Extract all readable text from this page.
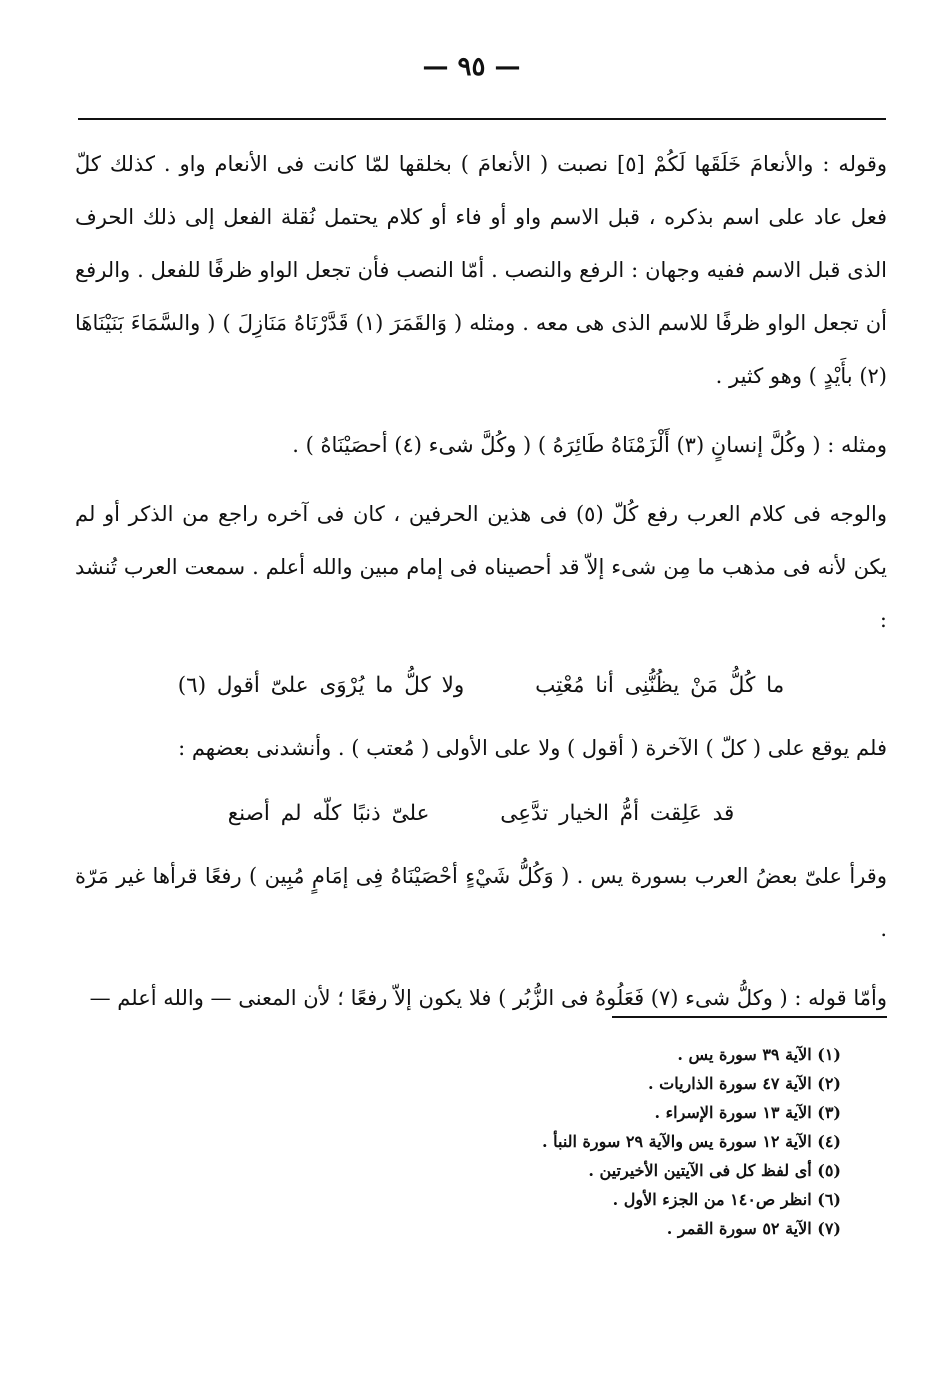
— ٩٥ —

وقوله : والأنعامَ خَلَقَها لَكُمْ [٥] نصبت ( الأنعامَ ) بخلقها لمّا كانت فى الأنعام واو . كذلك كلّ فعل عاد على اسم بذكره ، قبل الاسم واو أو فاء أو كلام يحتمل نُقلة الفعل إلى ذلك الحرف الذى قبل الاسم ففيه وجهان : الرفع والنصب . أمّا النصب فأن تجعل الواو ظرفًا للفعل . والرفع أن تجعل الواو ظرفًا للاسم الذى هى معه . ومثله ( وَالقَمَرَ (١) قَدَّرْنَاهُ مَنَازِلَ ) ( والسَّمَاءَ بَنَيْنَاهَا (٢) بأَيْدٍ ) وهو كثير .

ومثله : ( وكُلَّ إنسانٍ (٣) أَلْزَمْنَاهُ طَائِرَهُ ) ( وكُلَّ شىء (٤) أحصَيْنَاهُ ) .

والوجه فى كلام العرب رفع كُلّ (٥) فى هذين الحرفين ، كان فى آخره راجع من الذكر أو لم يكن لأنه فى مذهب ما مِن شىء إلاّ قد أحصيناه فى إمام مبين والله أعلم . سمعت العرب تُنشد :

ما كُلُّ مَنْ يظُنُّنِى أنا مُعْتِب ولا كلُّ ما يُرْوَى علىّ أقول (٦)

فلم يوقع على ( كلّ ) الآخرة ( أقول ) ولا على الأولى ( مُعتب ) . وأنشدنى بعضهم :

قد عَلِقت أمُّ الخيار تدَّعِى علىّ ذنبًا كلّه لم أصنع

وقرأ علىّ بعضُ العرب بسورة يس . ( وَكُلُّ شَيْءٍ أحْصَيْنَاهُ فِى إمَامٍ مُبِين ) رفعًا قرأها غير مَرّة .

وأمّا قوله : ( وكلُّ شىء (٧) فَعَلُوهُ فى الزُّبُر ) فلا يكون إلاّ رفعًا ؛ لأن المعنى — والله أعلم —

(١) الآية ٣٩ سورة يس .
(٢) الآية ٤٧ سورة الذاريات .
(٣) الآية ١٣ سورة الإسراء .
(٤) الآية ١٢ سورة يس والآية ٢٩ سورة النبأ .
(٥) أى لفظ كل فى الآيتين الأخيرتين .
(٦) انظر ص١٤٠ من الجزء الأول .
(٧) الآية ٥٢ سورة القمر .
